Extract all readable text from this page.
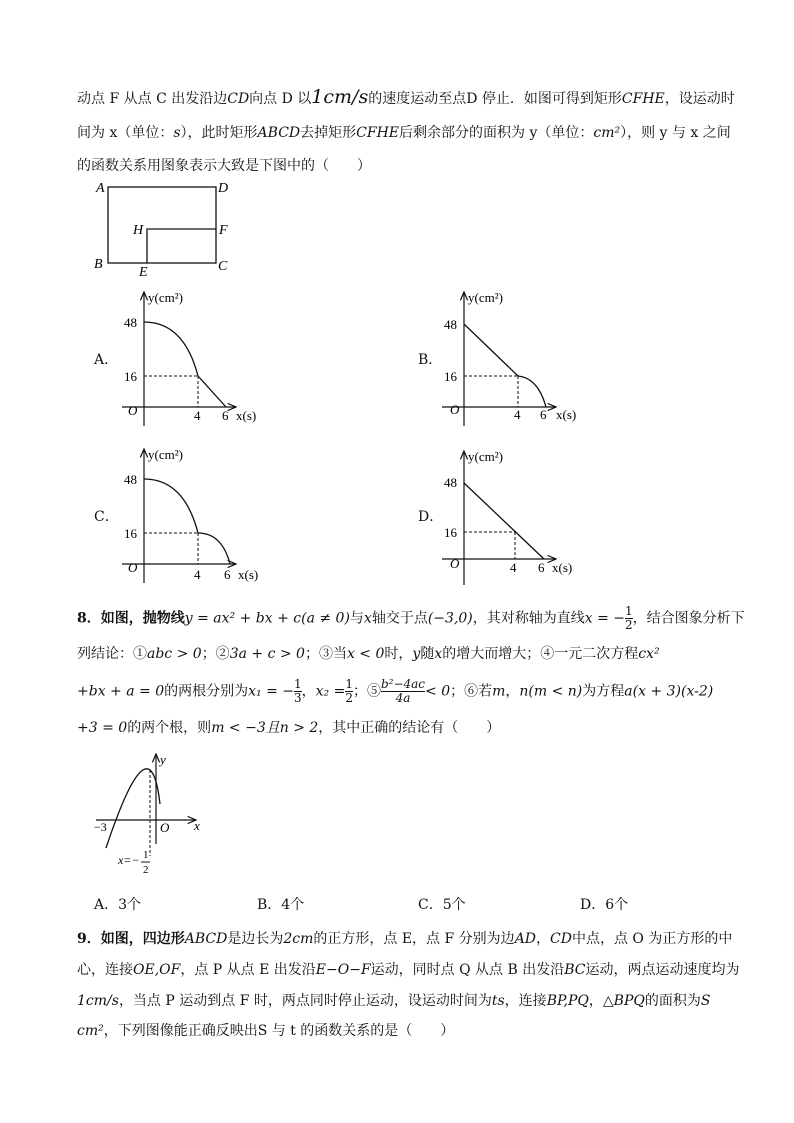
动点 F 从点 C 出发沿边CD向点 D 以1cm/s的速度运动至点D 停止．如图可得到矩形CFHE，设运动时
间为 x（单位：s），此时矩形ABCD去掉矩形CFHE后剩余部分的面积为 y（单位：cm²），则 y 与 x 之间
的函数关系用图象表示大致是下图中的（　　）
A	D
H	F
B
E	C
A．	B．
C．	D．
y(cm²)
48
16
O	4 6 x(s)
y(cm²)
48
16
O	4 6 x(s)
y(cm²)
48
16
O	4 6 x(s)
y(cm²)
48
16
O	4 6 x(s)
8．如图，抛物线y = ax² + bx + c(a ≠ 0)与x轴交于点(−3,0)，其对称轴为直线$x = -\frac{1}{2}$ ，结合图象分析下
列结论：①abc > 0；②3a + c > 0；③当x < 0时，y随x的增大而增大；④一元二次方程cx²
+bx + a = 0的两根分别为$x_1 = -\frac{1}{3}$ ，$x_2 =\frac{1}{2}$ ；$⑤\frac{\text{b²−4ac}}{4a} < 0$；⑥若m，n(m < n)为方程a(x + 3)(x-2)
+3 = 0的两个根，则m < −3且n > 2，其中正确的结论有（　　）
y
x
O
−3
x=− 1
2
A．3个	B．4个	C．5个	D．6个
9．如图，四边形ABCD是边长为2cm的正方形，点 E，点 F 分别为边AD，CD中点，点 O 为正方形的中
心，连接OE,OF，点 P 从点 E 出发沿E−O−F运动，同时点 Q 从点 B 出发沿BC运动，两点运动速度均为
1cm/s，当点 P 运动到点 F 时，两点同时停止运动，设运动时间为ts，连接BP,PQ，△BPQ的面积为S
cm²，下列图像能正确反映出S 与 t 的函数关系的是（　　）
